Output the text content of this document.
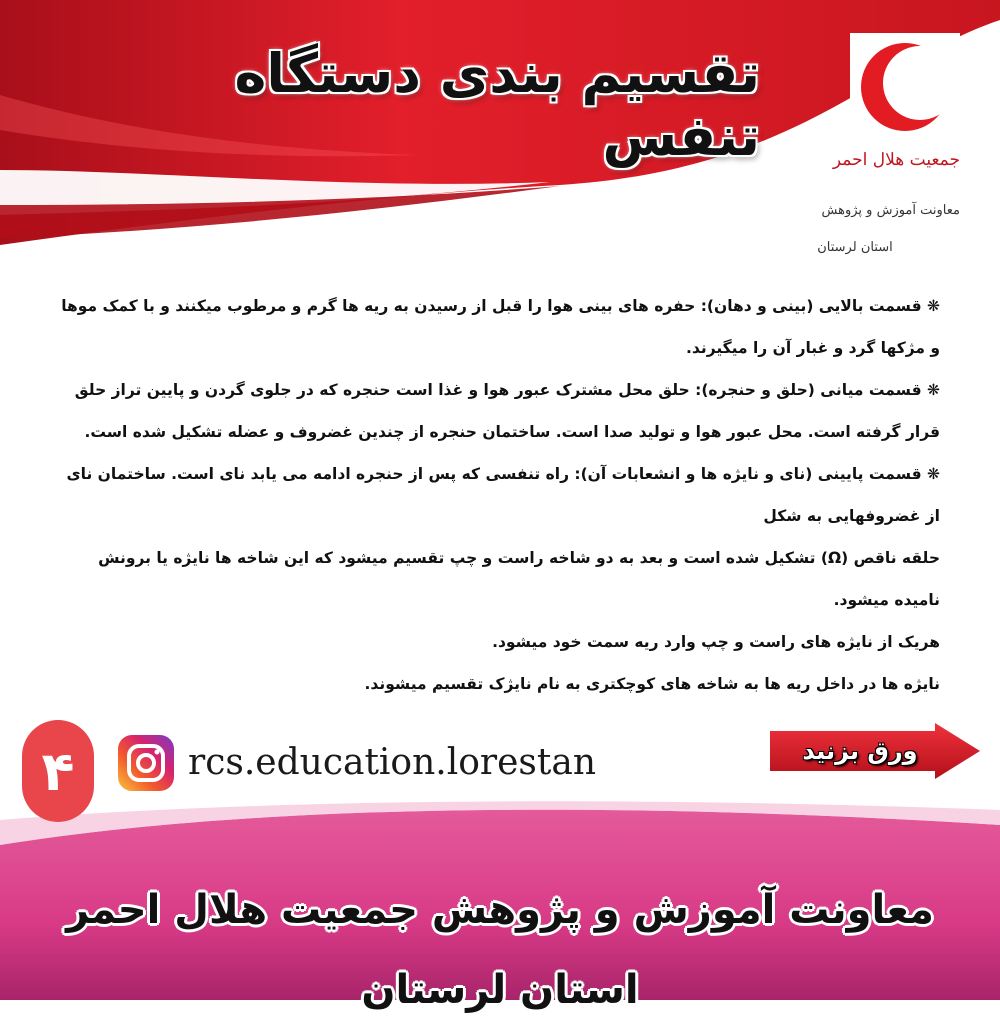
تقسیم بندی دستگاه تنفس	جمعیت هلال احمر
معاونت آموزش و پژوهش
استان لرستان

❋ قسمت بالایی (بینی و دهان): حفره های بینی هوا را قبل از رسیدن به ریه ها گرم و مرطوب میکنند و با کمک موها و مژکها گرد و غبار آن را میگیرند.

❋ قسمت میانی (حلق و حنجره): حلق محل مشترک عبور هوا و غذا است حنجره که در جلوی گردن و پایین تراز حلق قرار گرفته است. محل عبور هوا و تولید صدا است. ساختمان حنجره از چندین غضروف و عضله تشکیل شده است.

❋ قسمت پایینی (نای و نایژه ها و انشعابات آن): راه تنفسی که پس از حنجره ادامه می یابد نای است. ساختمان نای از غضروفهایی به شکل

حلقه ناقص (Ω) تشکیل شده است و بعد به دو شاخه راست و چپ تقسیم میشود که این شاخه ها نایژه یا برونش نامیده میشود.

هریک از نایژه های راست و چپ وارد ریه سمت خود میشود.

نایژه ها در داخل ریه ها به شاخه های کوچکتری به نام نایژک تقسیم میشوند.

۴	rcs.education.lorestan	ورق بزنید
معاونت آموزش و پژوهش جمعیت هلال احمر استان لرستان
